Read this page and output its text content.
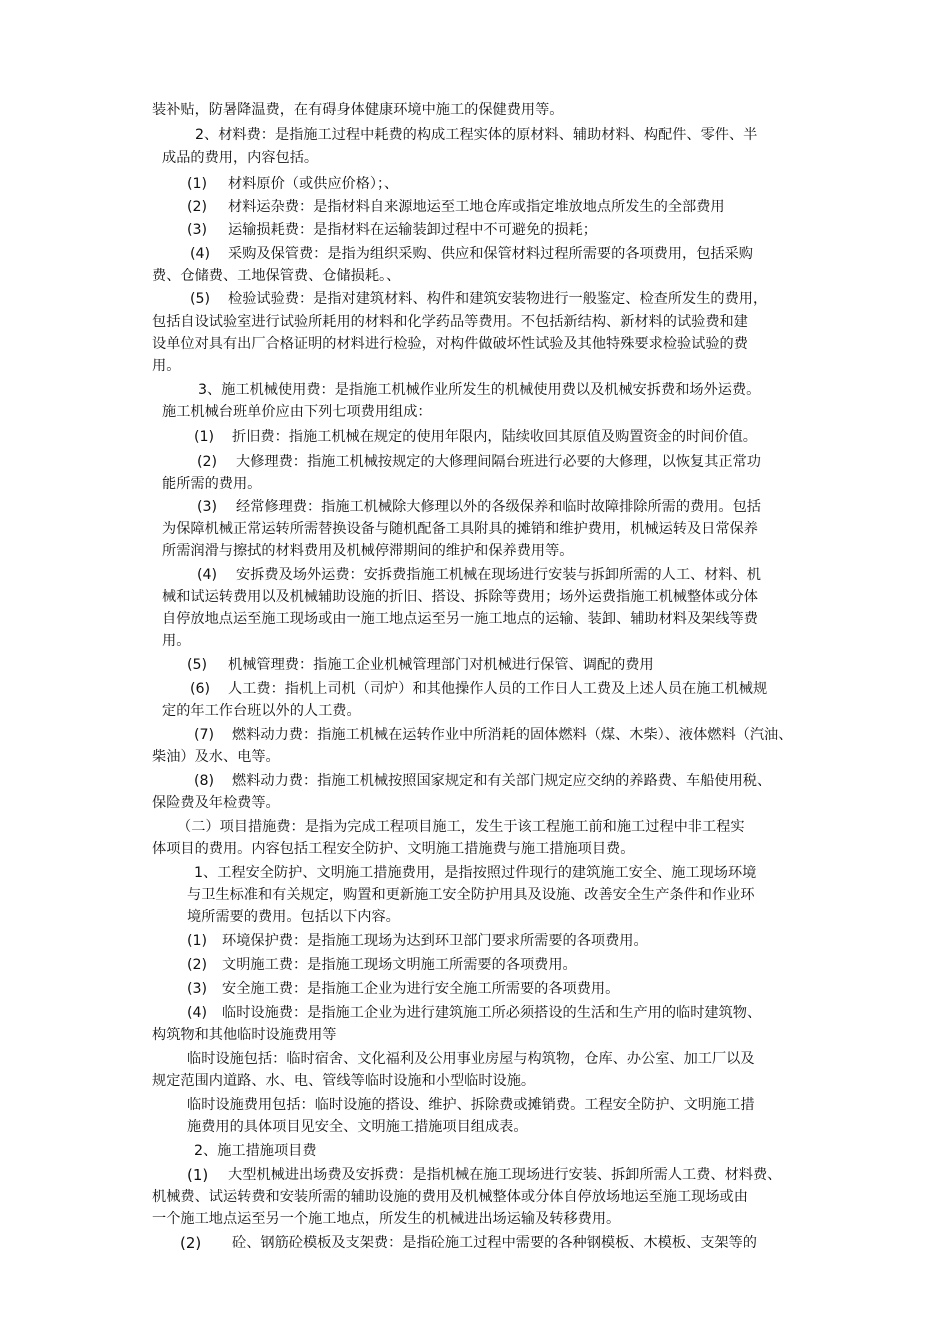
装补贴，防暑降温费，在有碍身体健康环境中施工的保健费用等。
2、材料费：是指施工过程中耗费的构成工程实体的原材料、辅助材料、构配件、零件、半
成品的费用，内容包括。
(1) 材料原价（或供应价格）；、
(2) 材料运杂费：是指材料自来源地运至工地仓库或指定堆放地点所发生的全部费用
(3) 运输损耗费：是指材料在运输装卸过程中不可避免的损耗；
(4) 采购及保管费：是指为组织采购、供应和保管材料过程所需要的各项费用，包括采购
费、仓储费、工地保管费、仓储损耗。、
(5) 检验试验费：是指对建筑材料、构件和建筑安装物进行一般鉴定、检查所发生的费用，
包括自设试验室进行试验所耗用的材料和化学药品等费用。不包括新结构、新材料的试验费和建
设单位对具有出厂合格证明的材料进行检验，对构件做破坏性试验及其他特殊要求检验试验的费
用。
3、施工机械使用费：是指施工机械作业所发生的机械使用费以及机械安拆费和场外运费。
施工机械台班单价应由下列七项费用组成：
(1) 折旧费：指施工机械在规定的使用年限内，陆续收回其原值及购置资金的时间价值。
(2) 大修理费：指施工机械按规定的大修理间隔台班进行必要的大修理，以恢复其正常功
能所需的费用。
(3) 经常修理费：指施工机械除大修理以外的各级保养和临时故障排除所需的费用。包括
为保障机械正常运转所需替换设备与随机配备工具附具的摊销和维护费用，机械运转及日常保养
所需润滑与擦拭的材料费用及机械停滞期间的维护和保养费用等。
(4) 安拆费及场外运费：安拆费指施工机械在现场进行安装与拆卸所需的人工、材料、机
械和试运转费用以及机械辅助设施的折旧、搭设、拆除等费用；场外运费指施工机械整体或分体
自停放地点运至施工现场或由一施工地点运至另一施工地点的运输、装卸、辅助材料及架线等费
用。
(5) 机械管理费：指施工企业机械管理部门对机械进行保管、调配的费用
(6) 人工费：指机上司机（司炉）和其他操作人员的工作日人工费及上述人员在施工机械规
定的年工作台班以外的人工费。
(7) 燃料动力费：指施工机械在运转作业中所消耗的固体燃料（煤、木柴）、液体燃料（汽油、
柴油）及水、电等。
(8) 燃料动力费：指施工机械按照国家规定和有关部门规定应交纳的养路费、车船使用税、
保险费及年检费等。
（二）项目措施费：是指为完成工程项目施工，发生于该工程施工前和施工过程中非工程实
体项目的费用。内容包括工程安全防护、文明施工措施费与施工措施项目费。
1、工程安全防护、文明施工措施费用，是指按照过件现行的建筑施工安全、施工现场环境
与卫生标准和有关规定，购置和更新施工安全防护用具及设施、改善安全生产条件和作业环
境所需要的费用。包括以下内容。
(1) 环境保护费：是指施工现场为达到环卫部门要求所需要的各项费用。
(2) 文明施工费：是指施工现场文明施工所需要的各项费用。
(3) 安全施工费：是指施工企业为进行安全施工所需要的各项费用。
(4) 临时设施费：是指施工企业为进行建筑施工所必须搭设的生活和生产用的临时建筑物、
构筑物和其他临时设施费用等
临时设施包括：临时宿舍、文化福利及公用事业房屋与构筑物，仓库、办公室、加工厂以及
规定范围内道路、水、电、管线等临时设施和小型临时设施。
临时设施费用包括：临时设施的搭设、维护、拆除费或摊销费。工程安全防护、文明施工措
施费用的具体项目见安全、文明施工措施项目组成表。
2、施工措施项目费
(1) 大型机械进出场费及安拆费：是指机械在施工现场进行安装、拆卸所需人工费、材料费、
机械费、试运转费和安装所需的辅助设施的费用及机械整体或分体自停放场地运至施工现场或由
一个施工地点运至另一个施工地点，所发生的机械进出场运输及转移费用。
(2) 砼、钢筋砼模板及支架费：是指砼施工过程中需要的各种钢模板、木模板、支架等的
